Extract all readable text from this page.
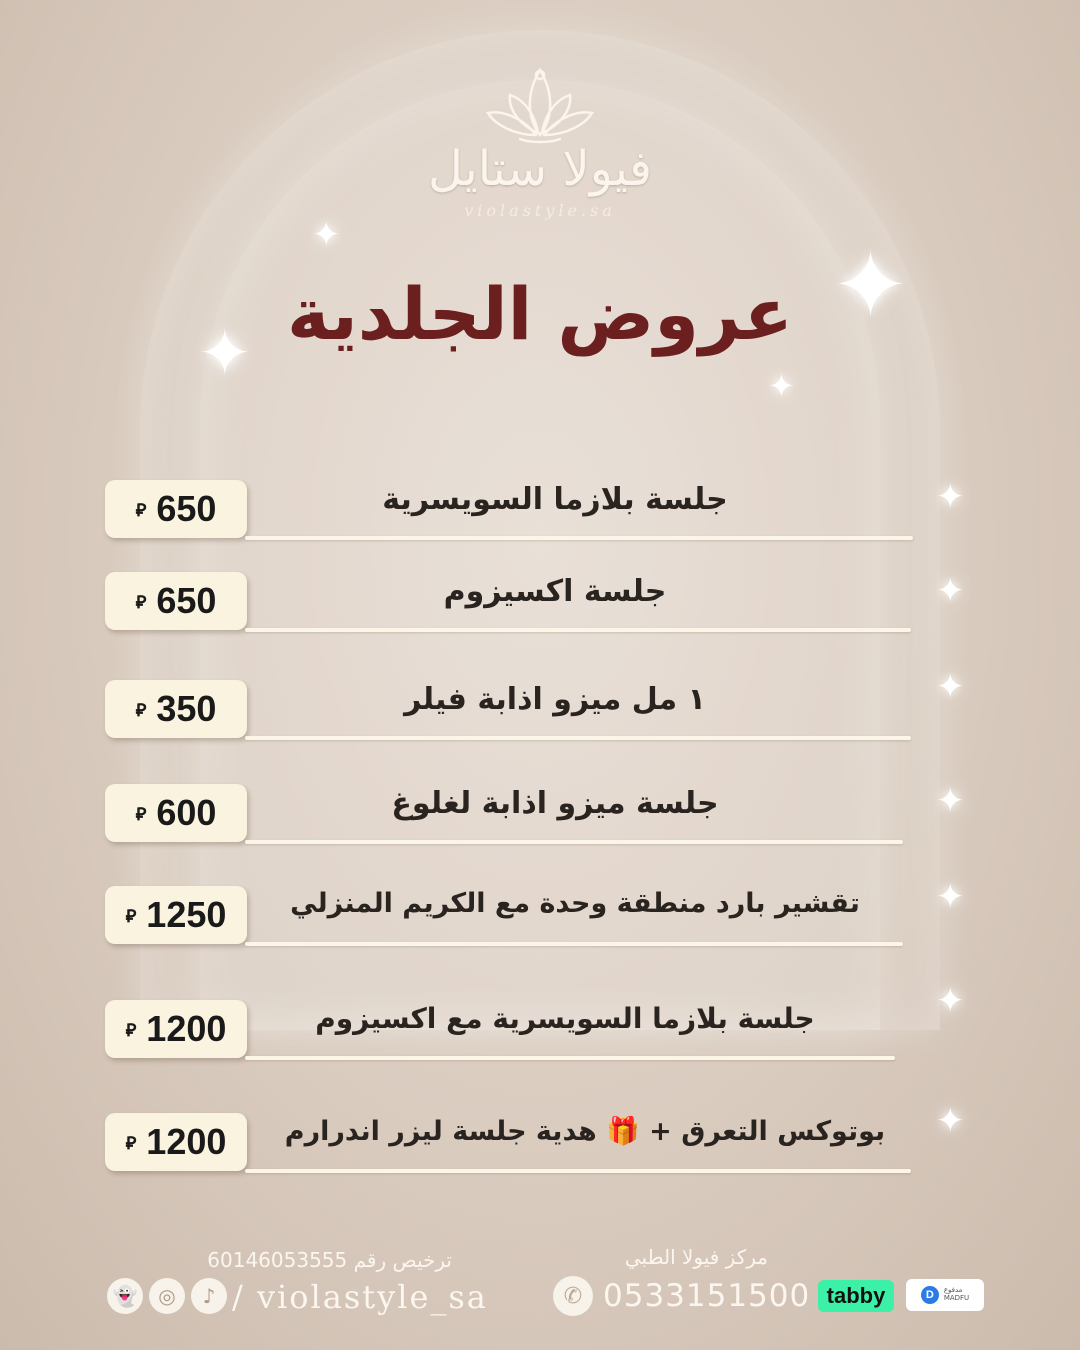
فيولا ستايل
violastyle.sa
✦
✦
✦
✦
عروض الجلدية
⃁ 650	جلسة بلازما السويسرية	✦
⃁ 650	جلسة اكسيزوم	✦
⃁ 350	١ مل ميزو اذابة فيلر	✦
⃁ 600	جلسة ميزو اذابة لغلوغ	✦
⃁ 1250	تقشير بارد منطقة وحدة مع الكريم المنزلي	✦
⃁ 1200	جلسة بلازما السويسرية مع اكسيزوم	✦
⃁ 1200	بوتوكس التعرق + 🎁 هدية جلسة ليزر اندرارم	✦
ترخيص رقم 60146053555
👻	◎	♪ / violastyle_sa
مركز فيولا الطبي
✆ 0533151500 tabby	D	مدفوع
MADFU
